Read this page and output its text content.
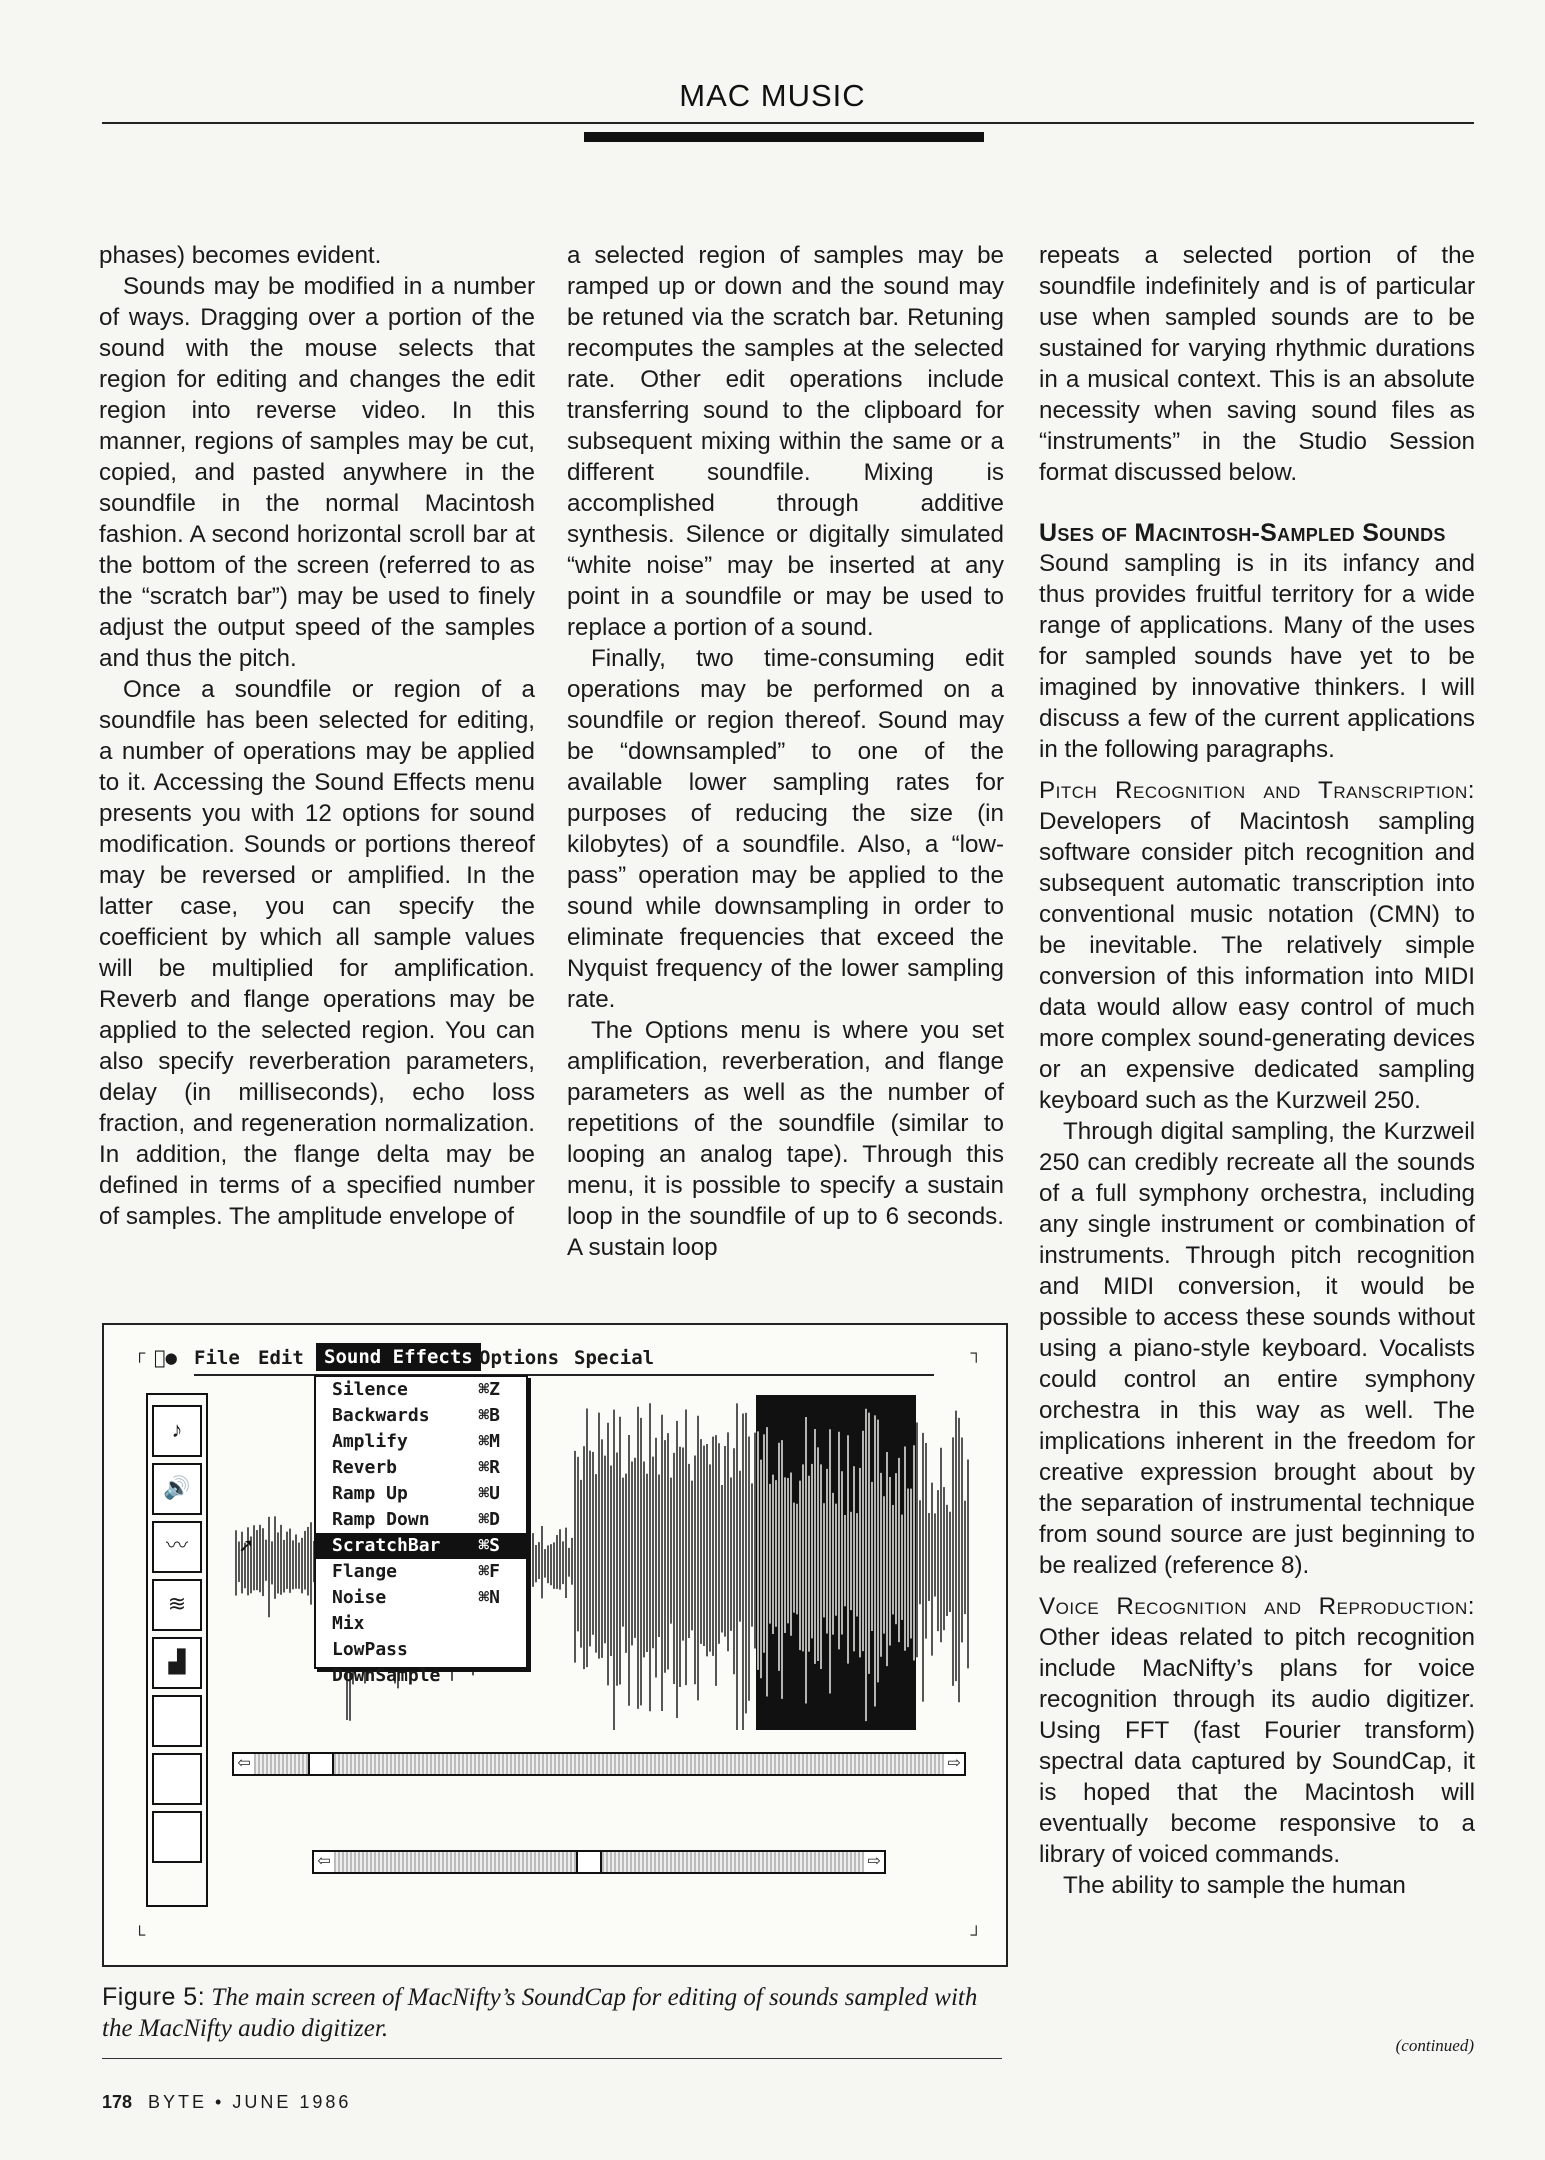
MAC MUSIC

phases) becomes evident.

Sounds may be modified in a number of ways. Dragging over a portion of the sound with the mouse selects that region for editing and changes the edit region into reverse video. In this manner, regions of samples may be cut, copied, and pasted anywhere in the soundfile in the normal Macintosh fashion. A second horizontal scroll bar at the bottom of the screen (referred to as the “scratch bar”) may be used to finely adjust the output speed of the samples and thus the pitch.

Once a soundfile or region of a soundfile has been selected for editing, a number of operations may be applied to it. Accessing the Sound Effects menu presents you with 12 options for sound modification. Sounds or portions thereof may be reversed or amplified. In the latter case, you can specify the coefficient by which all sample values will be multiplied for amplification. Reverb and flange operations may be applied to the selected region. You can also specify reverberation parameters, delay (in milliseconds), echo loss fraction, and regeneration normalization. In addition, the flange delta may be defined in terms of a specified number of samples. The amplitude envelope of

a selected region of samples may be ramped up or down and the sound may be retuned via the scratch bar. Retuning recomputes the samples at the selected rate. Other edit operations include transferring sound to the clipboard for subsequent mixing within the same or a different soundfile. Mixing is accomplished through additive synthesis. Silence or digitally simulated “white noise” may be inserted at any point in a soundfile or may be used to replace a portion of a sound.

Finally, two time-consuming edit operations may be performed on a soundfile or region thereof. Sound may be “downsampled” to one of the available lower sampling rates for purposes of reducing the size (in kilobytes) of a soundfile. Also, a “low-pass” operation may be applied to the sound while downsampling in order to eliminate frequencies that exceed the Nyquist frequency of the lower sampling rate.

The Options menu is where you set amplification, reverberation, and flange parameters as well as the number of repetitions of the soundfile (similar to looping an analog tape). Through this menu, it is possible to specify a sustain loop in the soundfile of up to 6 seconds. A sustain loop

repeats a selected portion of the soundfile indefinitely and is of particular use when sampled sounds are to be sustained for varying rhythmic durations in a musical context. This is an absolute necessity when saving sound files as “instruments” in the Studio Session format discussed below.

Uses of Macintosh-Sampled Sounds

Sound sampling is in its infancy and thus provides fruitful territory for a wide range of applications. Many of the uses for sampled sounds have yet to be imagined by innovative thinkers. I will discuss a few of the current applications in the following paragraphs.

Pitch Recognition and Transcription: Developers of Macintosh sampling software consider pitch recognition and subsequent automatic transcription into conventional music notation (CMN) to be inevitable. The relatively simple conversion of this information into MIDI data would allow easy control of much more complex sound-generating devices or an expensive dedicated sampling keyboard such as the Kurzweil 250.

Through digital sampling, the Kurzweil 250 can credibly recreate all the sounds of a full symphony orchestra, including any single instrument or combination of instruments. Through pitch recognition and MIDI conversion, it would be possible to access these sounds without using a piano-style keyboard. Vocalists could control an entire symphony orchestra in this way as well. The implications inherent in the freedom for creative expression brought about by the separation of instrumental technique from sound source are just beginning to be realized (reference 8).

Voice Recognition and Reproduction: Other ideas related to pitch recognition include MacNifty’s plans for voice recognition through its audio digitizer. Using FFT (fast Fourier transform) spectral data captured by SoundCap, it is hoped that the Macintosh will eventually become responsive to a library of voiced commands.

The ability to sample the human

┌	┐
└	┘
● File Edit	Sound Effects Options Special
Silence	⌘Z
Backwards	⌘B
Amplify	⌘M
Reverb	⌘R
Ramp Up	⌘U
Ramp Down	⌘D
ScratchBar ⌘S
Flange	⌘F
Noise	⌘N
Mix
LowPass
DownSample
➚
♪
🔊
〰
≋
▟
⇦	⇨
⇦	⇨
Figure 5: The main screen of MacNifty’s SoundCap for editing of sounds sampled with the MacNifty audio digitizer.
(continued)
178 BYTE • JUNE 1986
